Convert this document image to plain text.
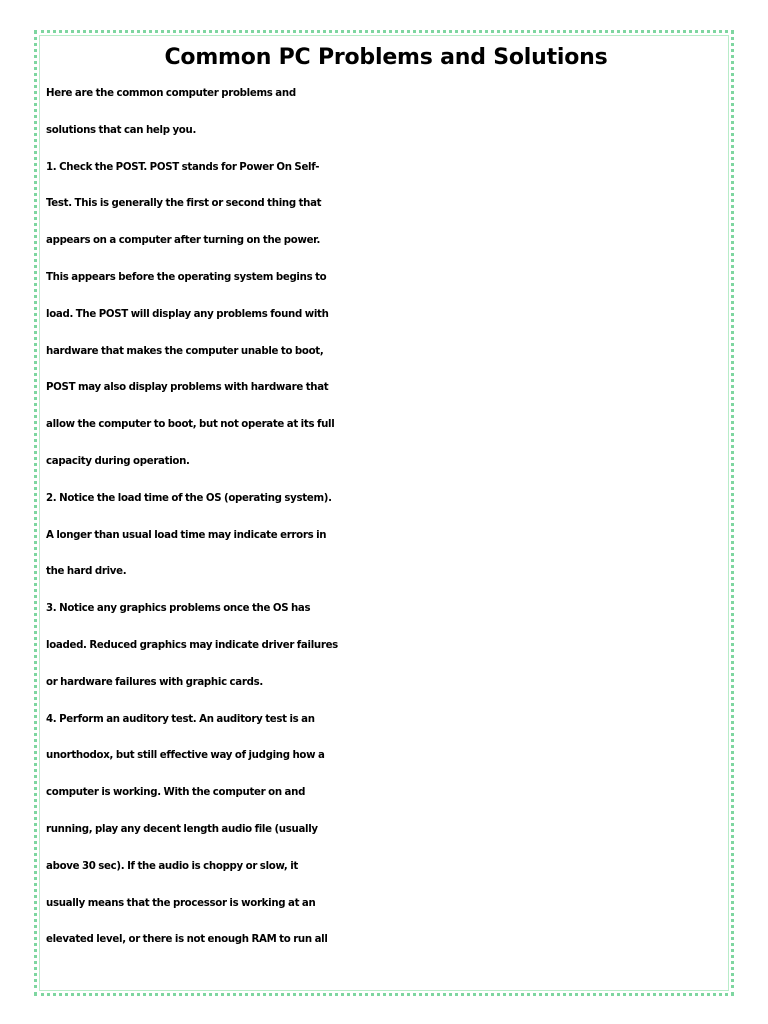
Common PC Problems and Solutions
Here are the common computer problems and
solutions that can help you.
1. Check the POST. POST stands for Power On Self-
Test. This is generally the first or second thing that
appears on a computer after turning on the power.
This appears before the operating system begins to
load. The POST will display any problems found with
hardware that makes the computer unable to boot,
POST may also display problems with hardware that
allow the computer to boot, but not operate at its full
capacity during operation.
2. Notice the load time of the OS (operating system).
A longer than usual load time may indicate errors in
the hard drive.
3. Notice any graphics problems once the OS has
loaded. Reduced graphics may indicate driver failures
or hardware failures with graphic cards.
4. Perform an auditory test. An auditory test is an
unorthodox, but still effective way of judging how a
computer is working. With the computer on and
running, play any decent length audio file (usually
above 30 sec). If the audio is choppy or slow, it
usually means that the processor is working at an
elevated level, or there is not enough RAM to run all
